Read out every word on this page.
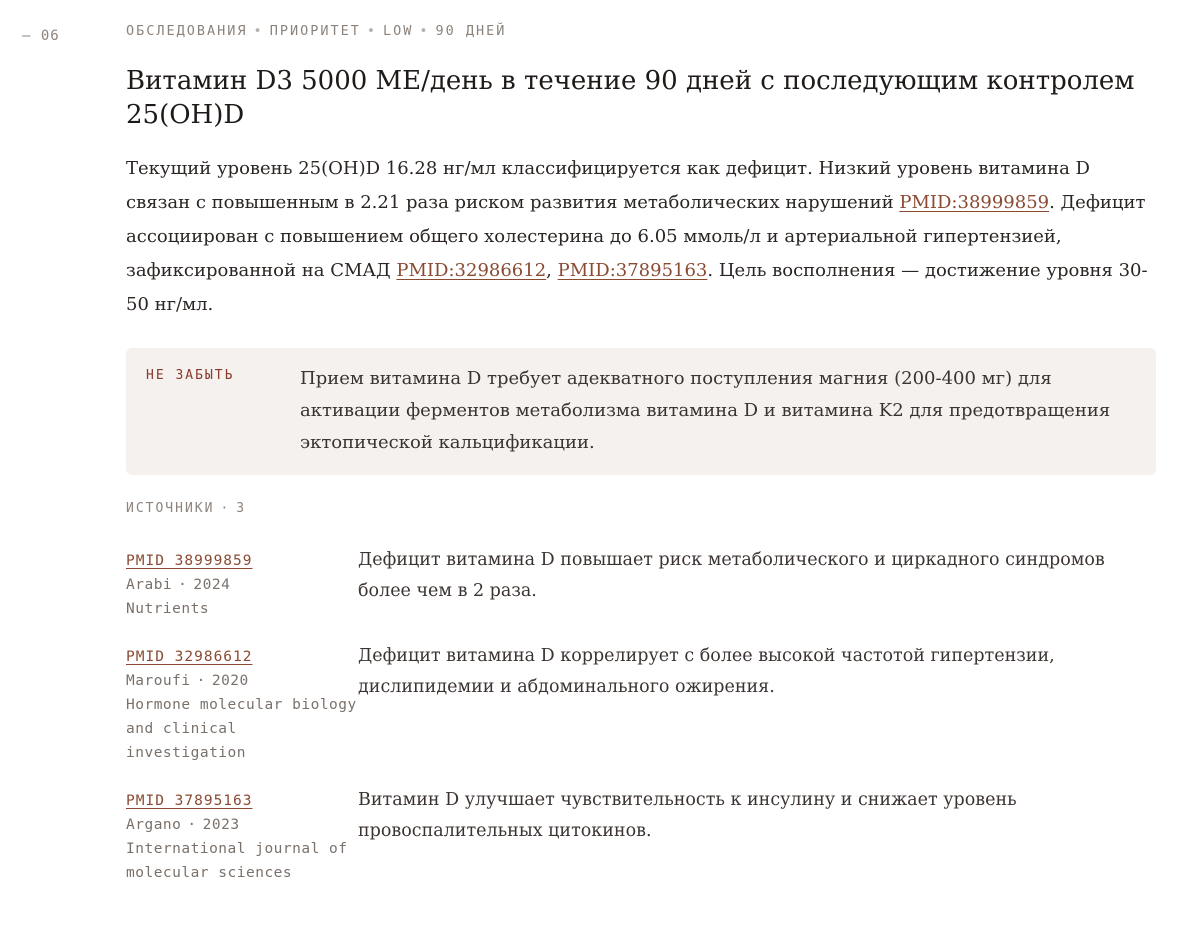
— 06	ОБСЛЕДОВАНИЯ • ПРИОРИТЕТ • LOW • 90 ДНЕЙ
Витамин D3 5000 МЕ/день в течение 90 дней с последующим контролем 25(OH)D

Текущий уровень 25(OH)D 16.28 нг/мл классифицируется как дефицит. Низкий уровень витамина D связан с повышенным в 2.21 раза риском развития метаболических нарушений PMID:38999859. Дефицит ассоциирован с повышением общего холестерина до 6.05 ммоль/л и артериальной гипертензией, зафиксированной на СМАД PMID:32986612, PMID:37895163. Цель восполнения — достижение уровня 30-50 нг/мл.

НЕ ЗАБЫТЬ	Прием витамина D требует адекватного поступления магния (200-400 мг) для активации ферментов метаболизма витамина D и витамина K2 для предотвращения эктопической кальцификации.
ИСТОЧНИКИ · 3
PMID 38999859
Arabi · 2024
Nutrients
Дефицит витамина D повышает риск метаболического и циркадного синдромов более чем в 2 раза.
PMID 32986612
Maroufi · 2020
Hormone molecular biology and clinical investigation
Дефицит витамина D коррелирует с более высокой частотой гипертензии, дислипидемии и абдоминального ожирения.
PMID 37895163
Argano · 2023
International journal of molecular sciences
Витамин D улучшает чувствительность к инсулину и снижает уровень провоспалительных цитокинов.
